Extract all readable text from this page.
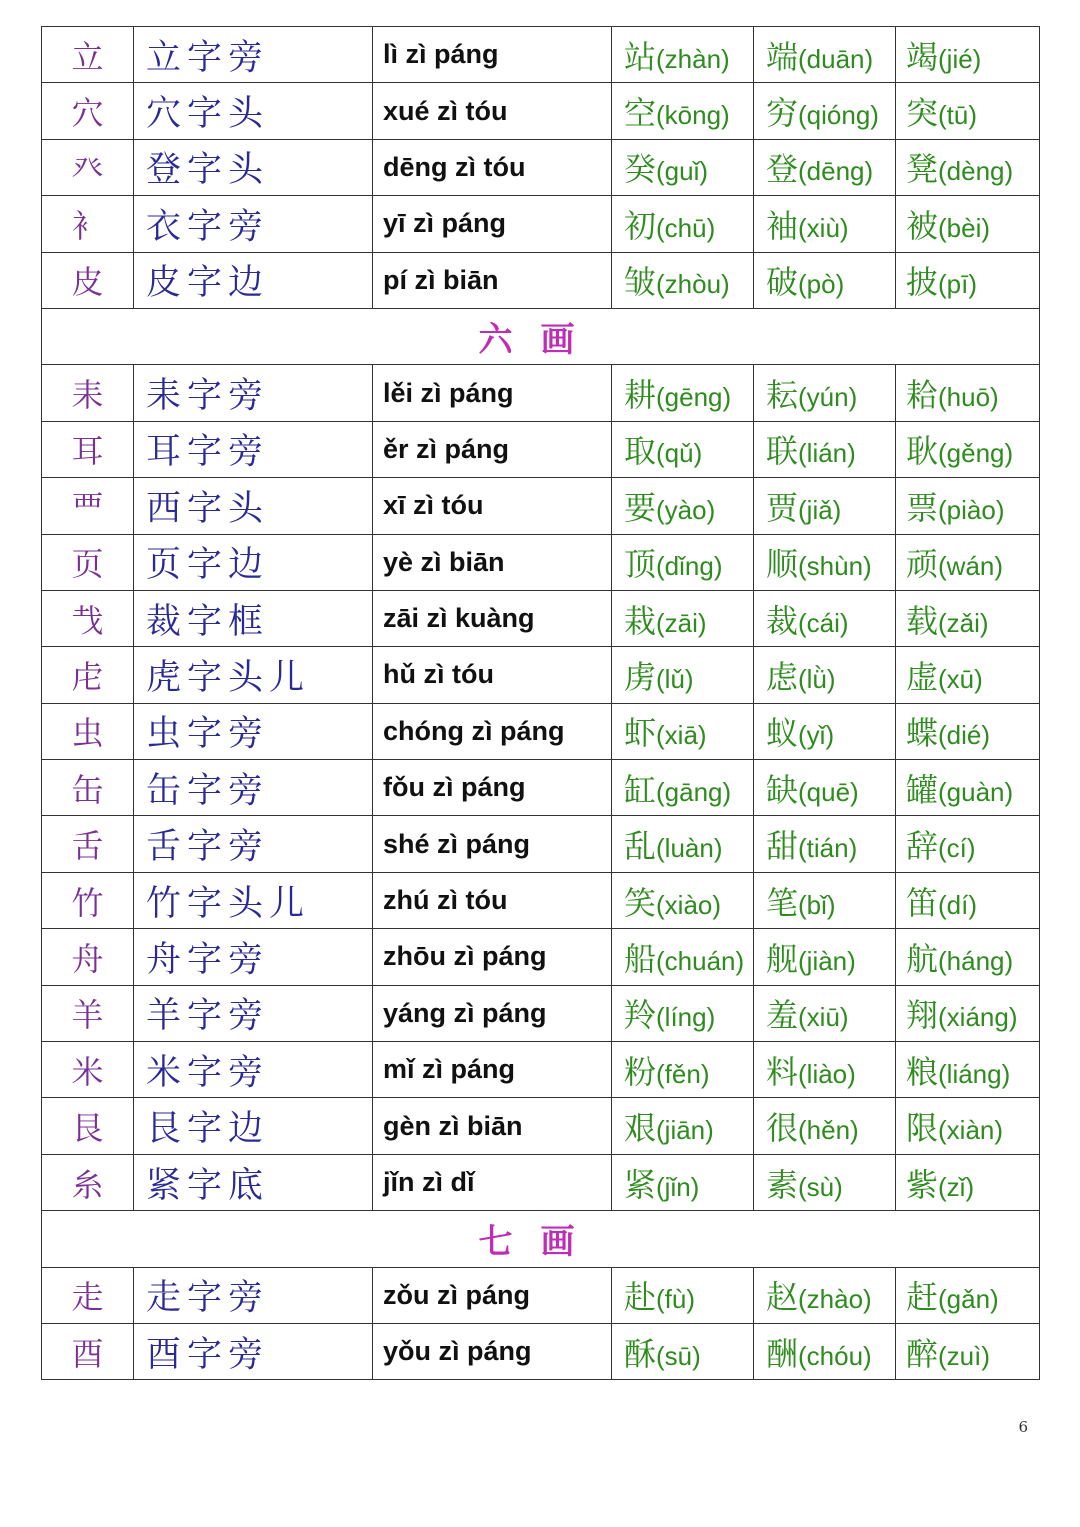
立	立字旁	lì zì páng	站(zhàn)	端(duān)	竭(jié)
穴	穴字头	xué zì tóu	空(kōng)	穷(qióng)	突(tū)
癶	登字头	dēng zì tóu	癸(guǐ)	登(dēng)	凳(dèng)
衤	衣字旁	yī zì páng	初(chū)	袖(xiù)	被(bèi)
皮	皮字边	pí zì biān	皱(zhòu)	破(pò)	披(pī)
六画					
耒	耒字旁	lěi zì páng	耕(gēng)	耘(yún)	耠(huō)
耳	耳字旁	ěr zì páng	取(qǔ)	联(lián)	耿(gěng)
覀	西字头	xī zì tóu	要(yào)	贾(jiǎ)	票(piào)
页	页字边	yè zì biān	顶(dǐng)	顺(shùn)	顽(wán)
𢦏	裁字框	zāi zì kuàng	栽(zāi)	裁(cái)	载(zǎi)
虍	虎字头儿	hǔ zì tóu	虏(lǔ)	虑(lǜ)	虚(xū)
虫	虫字旁	chóng zì páng	虾(xiā)	蚁(yǐ)	蝶(dié)
缶	缶字旁	fǒu zì páng	缸(gāng)	缺(quē)	罐(guàn)
舌	舌字旁	shé zì páng	乱(luàn)	甜(tián)	辞(cí)
竹	竹字头儿	zhú zì tóu	笑(xiào)	笔(bǐ)	笛(dí)
舟	舟字旁	zhōu zì páng	船(chuán)	舰(jiàn)	航(háng)
羊	羊字旁	yáng zì páng	羚(líng)	羞(xiū)	翔(xiáng)
米	米字旁	mǐ zì páng	粉(fěn)	料(liào)	粮(liáng)
艮	艮字边	gèn zì biān	艰(jiān)	很(hěn)	限(xiàn)
糸	紧字底	jǐn zì dǐ	紧(jǐn)	素(sù)	紫(zǐ)
七画					
走	走字旁	zǒu zì páng	赴(fù)	赵(zhào)	赶(gǎn)
酉	酉字旁	yǒu zì páng	酥(sū)	酬(chóu)	醉(zuì)
6
